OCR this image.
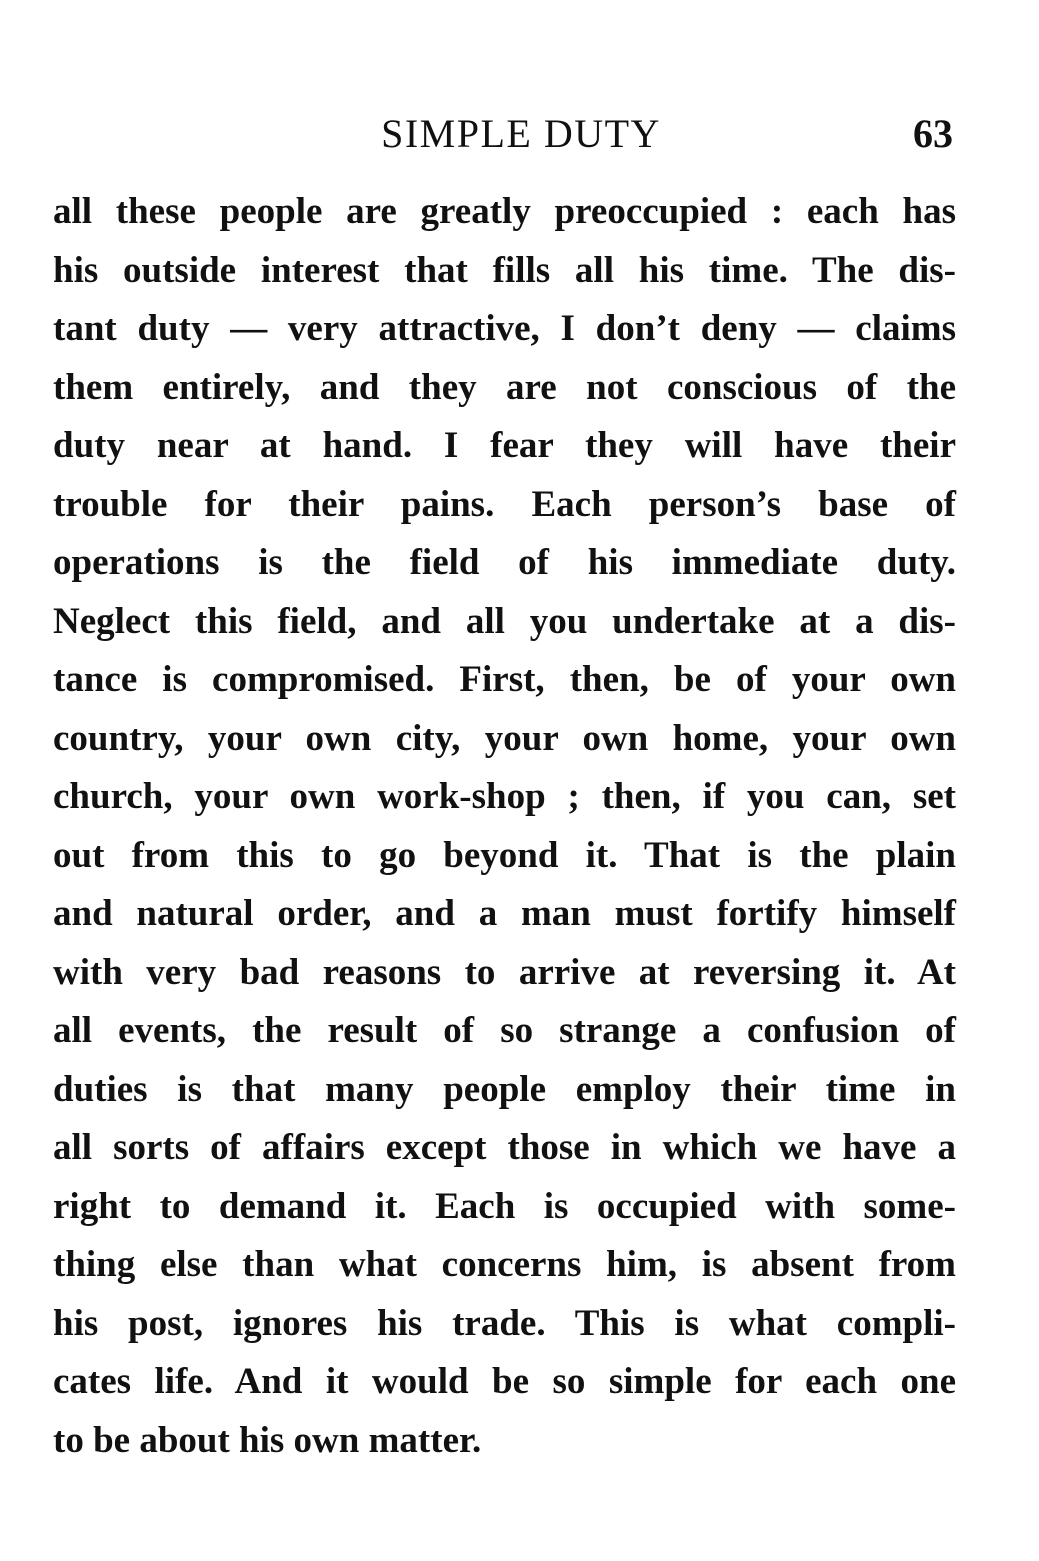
SIMPLE DUTY	63
all these people are greatly preoccupied : each has
his outside interest that fills all his time. The dis-
tant duty — very attractive, I don’t deny — claims
them entirely, and they are not conscious of the
duty near at hand. I fear they will have their
trouble for their pains. Each person’s base of
operations is the field of his immediate duty.
Neglect this field, and all you undertake at a dis-
tance is compromised. First, then, be of your own
country, your own city, your own home, your own
church, your own work-shop ; then, if you can, set
out from this to go beyond it. That is the plain
and natural order, and a man must fortify himself
with very bad reasons to arrive at reversing it. At
all events, the result of so strange a confusion of
duties is that many people employ their time in
all sorts of affairs except those in which we have a
right to demand it. Each is occupied with some-
thing else than what concerns him, is absent from
his post, ignores his trade. This is what compli-
cates life. And it would be so simple for each one
to be about his own matter.
